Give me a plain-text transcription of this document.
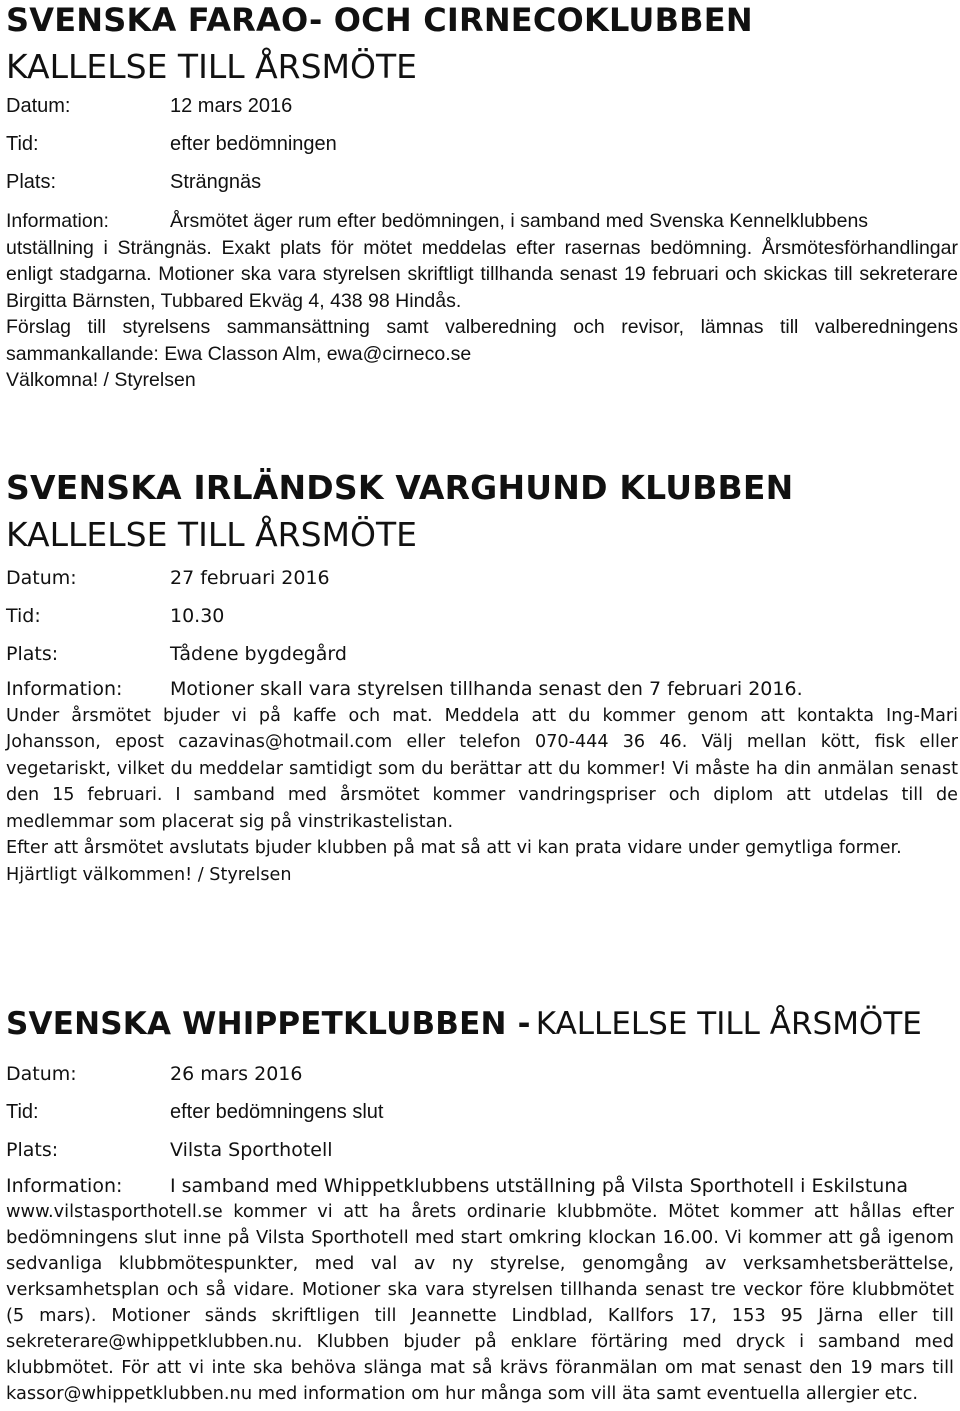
SVENSKA FARAO- OCH CIRNECOKLUBBEN
KALLELSE TILL ÅRSMÖTE
Datum:	12 mars 2016
Tid:	efter bedömningen
Plats:	Strängnäs
Information:	Årsmötet äger rum efter bedömningen, i samband med Svenska Kennelklubbens

utställning i Strängnäs. Exakt plats för mötet meddelas efter rasernas bedömning. Årsmötesförhandlingar enligt stadgarna. Motioner ska vara styrelsen skriftligt tillhanda senast 19 februari och skickas till sekreterare Birgitta Bärnsten, Tubbared Ekväg 4, 438 98 Hindås.

Förslag till styrelsens sammansättning samt valberedning och revisor, lämnas till valberedningens sammankallande: Ewa Classon Alm, ewa@cirneco.se

Välkomna! / Styrelsen

SVENSKA IRLÄNDSK VARGHUND KLUBBEN
KALLELSE TILL ÅRSMÖTE
Datum:	27 februari 2016
Tid:	10.30
Plats:	Tådene bygdegård
Information:	Motioner skall vara styrelsen tillhanda senast den 7 februari 2016.

Under årsmötet bjuder vi på kaffe och mat. Meddela att du kommer genom att kontakta Ing-Mari Johansson, epost cazavinas@hotmail.com eller telefon 070-444 36 46. Välj mellan kött, fisk eller vegetariskt, vilket du meddelar samtidigt som du berättar att du kommer! Vi måste ha din anmälan senast den 15 februari. I samband med årsmötet kommer vandringspriser och diplom att utdelas till de medlemmar som placerat sig på vinstrikastelistan.

Efter att årsmötet avslutats bjuder klubben på mat så att vi kan prata vidare under gemytliga former.

Hjärtligt välkommen! / Styrelsen

SVENSKA WHIPPETKLUBBEN - KALLELSE TILL ÅRSMÖTE
Datum:	26 mars 2016
Tid:	efter bedömningens slut
Plats:	Vilsta Sporthotell
Information:	I samband med Whippetklubbens utställning på Vilsta Sporthotell i Eskilstuna

www.vilstasporthotell.se kommer vi att ha årets ordinarie klubbmöte. Mötet kommer att hållas efter bedömningens slut inne på Vilsta Sporthotell med start omkring klockan 16.00. Vi kommer att gå igenom sedvanliga klubbmötespunkter, med val av ny styrelse, genomgång av verksamhetsberättelse, verksamhetsplan och så vidare. Motioner ska vara styrelsen tillhanda senast tre veckor före klubbmötet (5 mars). Motioner sänds skriftligen till Jeannette Lindblad, Kallfors 17, 153 95 Järna eller till sekreterare@whippetklubben.nu. Klubben bjuder på enklare förtäring med dryck i samband med klubbmötet. För att vi inte ska behöva slänga mat så krävs föranmälan om mat senast den 19 mars till kassor@whippetklubben.nu med information om hur många som vill äta samt eventuella allergier etc.
